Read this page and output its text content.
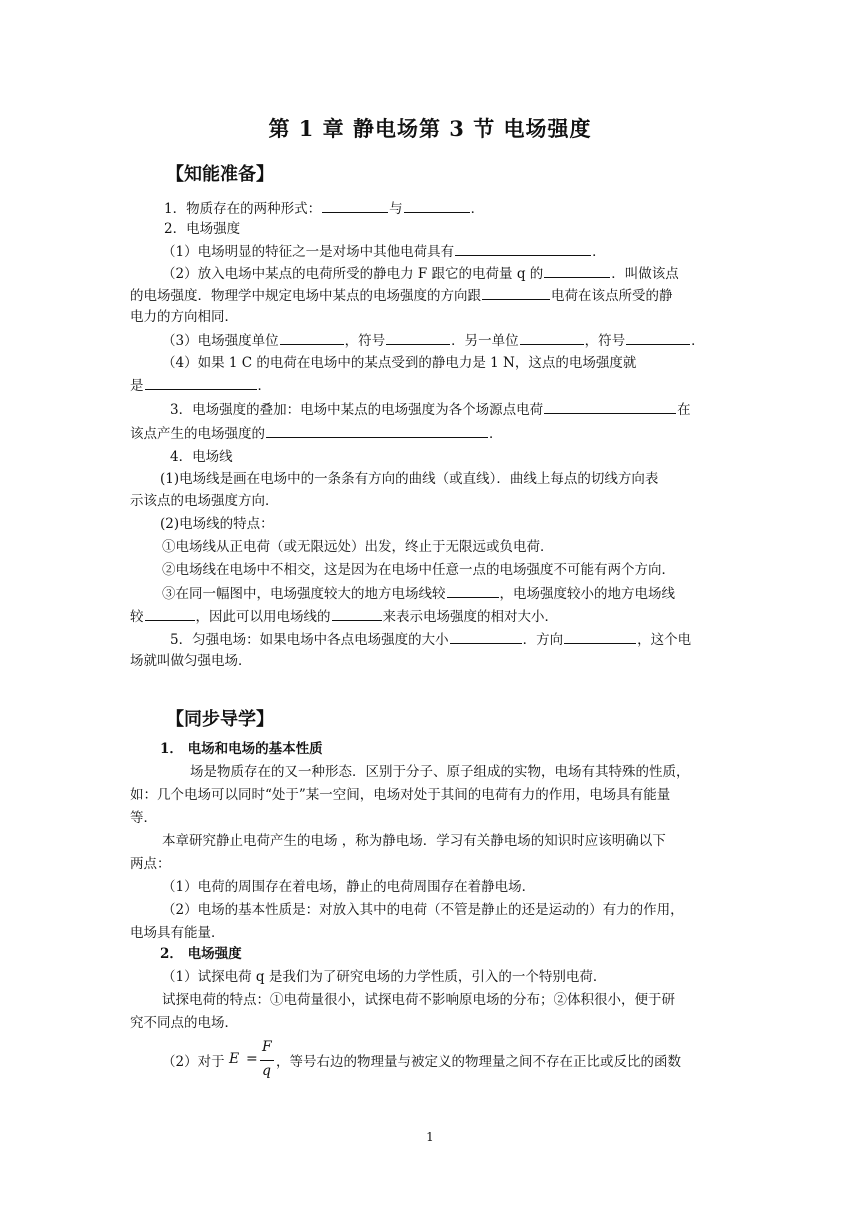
第 1 章 静电场第 3 节 电场强度
【知能准备】
1．物质存在的两种形式：	与	．
2．电场强度
（1）电场明显的特征之一是对场中其他电荷具有	．
（2）放入电场中某点的电荷所受的静电力 F 跟它的电荷量 q 的	．叫做该点
的电场强度．物理学中规定电场中某点的电场强度的方向跟	电荷在该点所受的静
电力的方向相同．
（3）电场强度单位	，符号	．另一单位	，符号	．
（4）如果 1 C 的电荷在电场中的某点受到的静电力是 1 N，这点的电场强度就
是	．
3．电场强度的叠加：电场中某点的电场强度为各个场源点电荷	在
该点产生的电场强度的	．
4．电场线
(1)电场线是画在电场中的一条条有方向的曲线（或直线）．曲线上每点的切线方向表
示该点的电场强度方向．
(2)电场线的特点：
①电场线从正电荷（或无限远处）出发，终止于无限远或负电荷．
②电场线在电场中不相交，这是因为在电场中任意一点的电场强度不可能有两个方向．
③在同一幅图中，电场强度较大的地方电场线较	，电场强度较小的地方电场线
较	，因此可以用电场线的	来表示电场强度的相对大小．
5．匀强电场：如果电场中各点电场强度的大小	．方向	，这个电
场就叫做匀强电场．
【同步导学】
1． 电场和电场的基本性质
场是物质存在的又一种形态．区别于分子、原子组成的实物，电场有其特殊的性质，
如：几个电场可以同时“处于”某一空间，电场对处于其间的电荷有力的作用，电场具有能量
等．
本章研究静止电荷产生的电场 ，称为静电场．学习有关静电场的知识时应该明确以下
两点：
（1）电荷的周围存在着电场，静止的电荷周围存在着静电场．
（2）电场的基本性质是：对放入其中的电荷（不管是静止的还是运动的）有力的作用，
电场具有能量．
2． 电场强度
（1）试探电荷 q 是我们为了研究电场的力学性质，引入的一个特别电荷．
试探电荷的特点：①电荷量很小，试探电荷不影响原电场的分布；②体积很小，便于研
究不同点的电场．
（2）对于 E =
F
q
，等号右边的物理量与被定义的物理量之间不存在正比或反比的函数
1
